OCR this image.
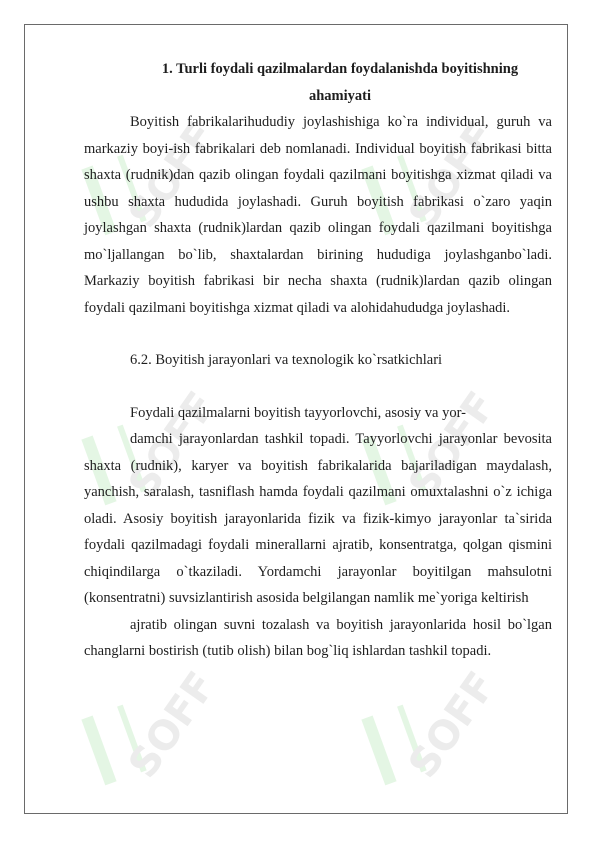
SOFF	SOFF
SOFF	SOFF
SOFF	SOFF

1. Turli foydali qazilmalardan foydalanishda boyitishning
ahamiyati

Boyitish fabrikalarihududiy joylashishiga ko`ra individual, guruh va markaziy boyi-ish fabrikalari deb nomlanadi. Individual boyitish fabrikasi bitta shaxta (rudnik)dan qazib olingan foydali qazilmani boyitishga xizmat qiladi va ushbu shaxta hududida joylashadi. Guruh boyitish fabrikasi o`zaro yaqin joylashgan shaxta (rudnik)lardan qazib olingan foydali qazilmani boyitishga mo`ljallangan bo`lib, shaxtalardan birining hududiga joylashganbo`ladi. Markaziy boyitish fabrikasi bir necha shaxta (rudnik)lardan qazib olingan foydali qazilmani boyitishga xizmat qiladi va alohidahududga joylashadi.

6.2. Boyitish jarayonlari va texnologik ko`rsatkichlari

Foydali qazilmalarni boyitish tayyorlovchi, asosiy va yor-

damchi jarayonlardan tashkil topadi. Tayyorlovchi jarayonlar bevosita shaxta (rudnik), karyer va boyitish fabrikalarida bajariladigan maydalash, yanchish, saralash, tasniflash hamda foydali qazilmani omuxtalashni o`z ichiga oladi. Asosiy boyitish jarayonlarida fizik va fizik-kimyo jarayonlar ta`sirida foydali qazilmadagi foydali minerallarni ajratib, konsentratga, qolgan qismini chiqindilarga o`tkaziladi. Yordamchi jarayonlar boyitilgan mahsulotni (konsentratni) suvsizlantirish asosida belgilangan namlik me`yoriga keltirish

ajratib olingan suvni tozalash va boyitish jarayonlarida hosil bo`lgan changlarni bostirish (tutib olish) bilan bog`liq ishlardan tashkil topadi.
